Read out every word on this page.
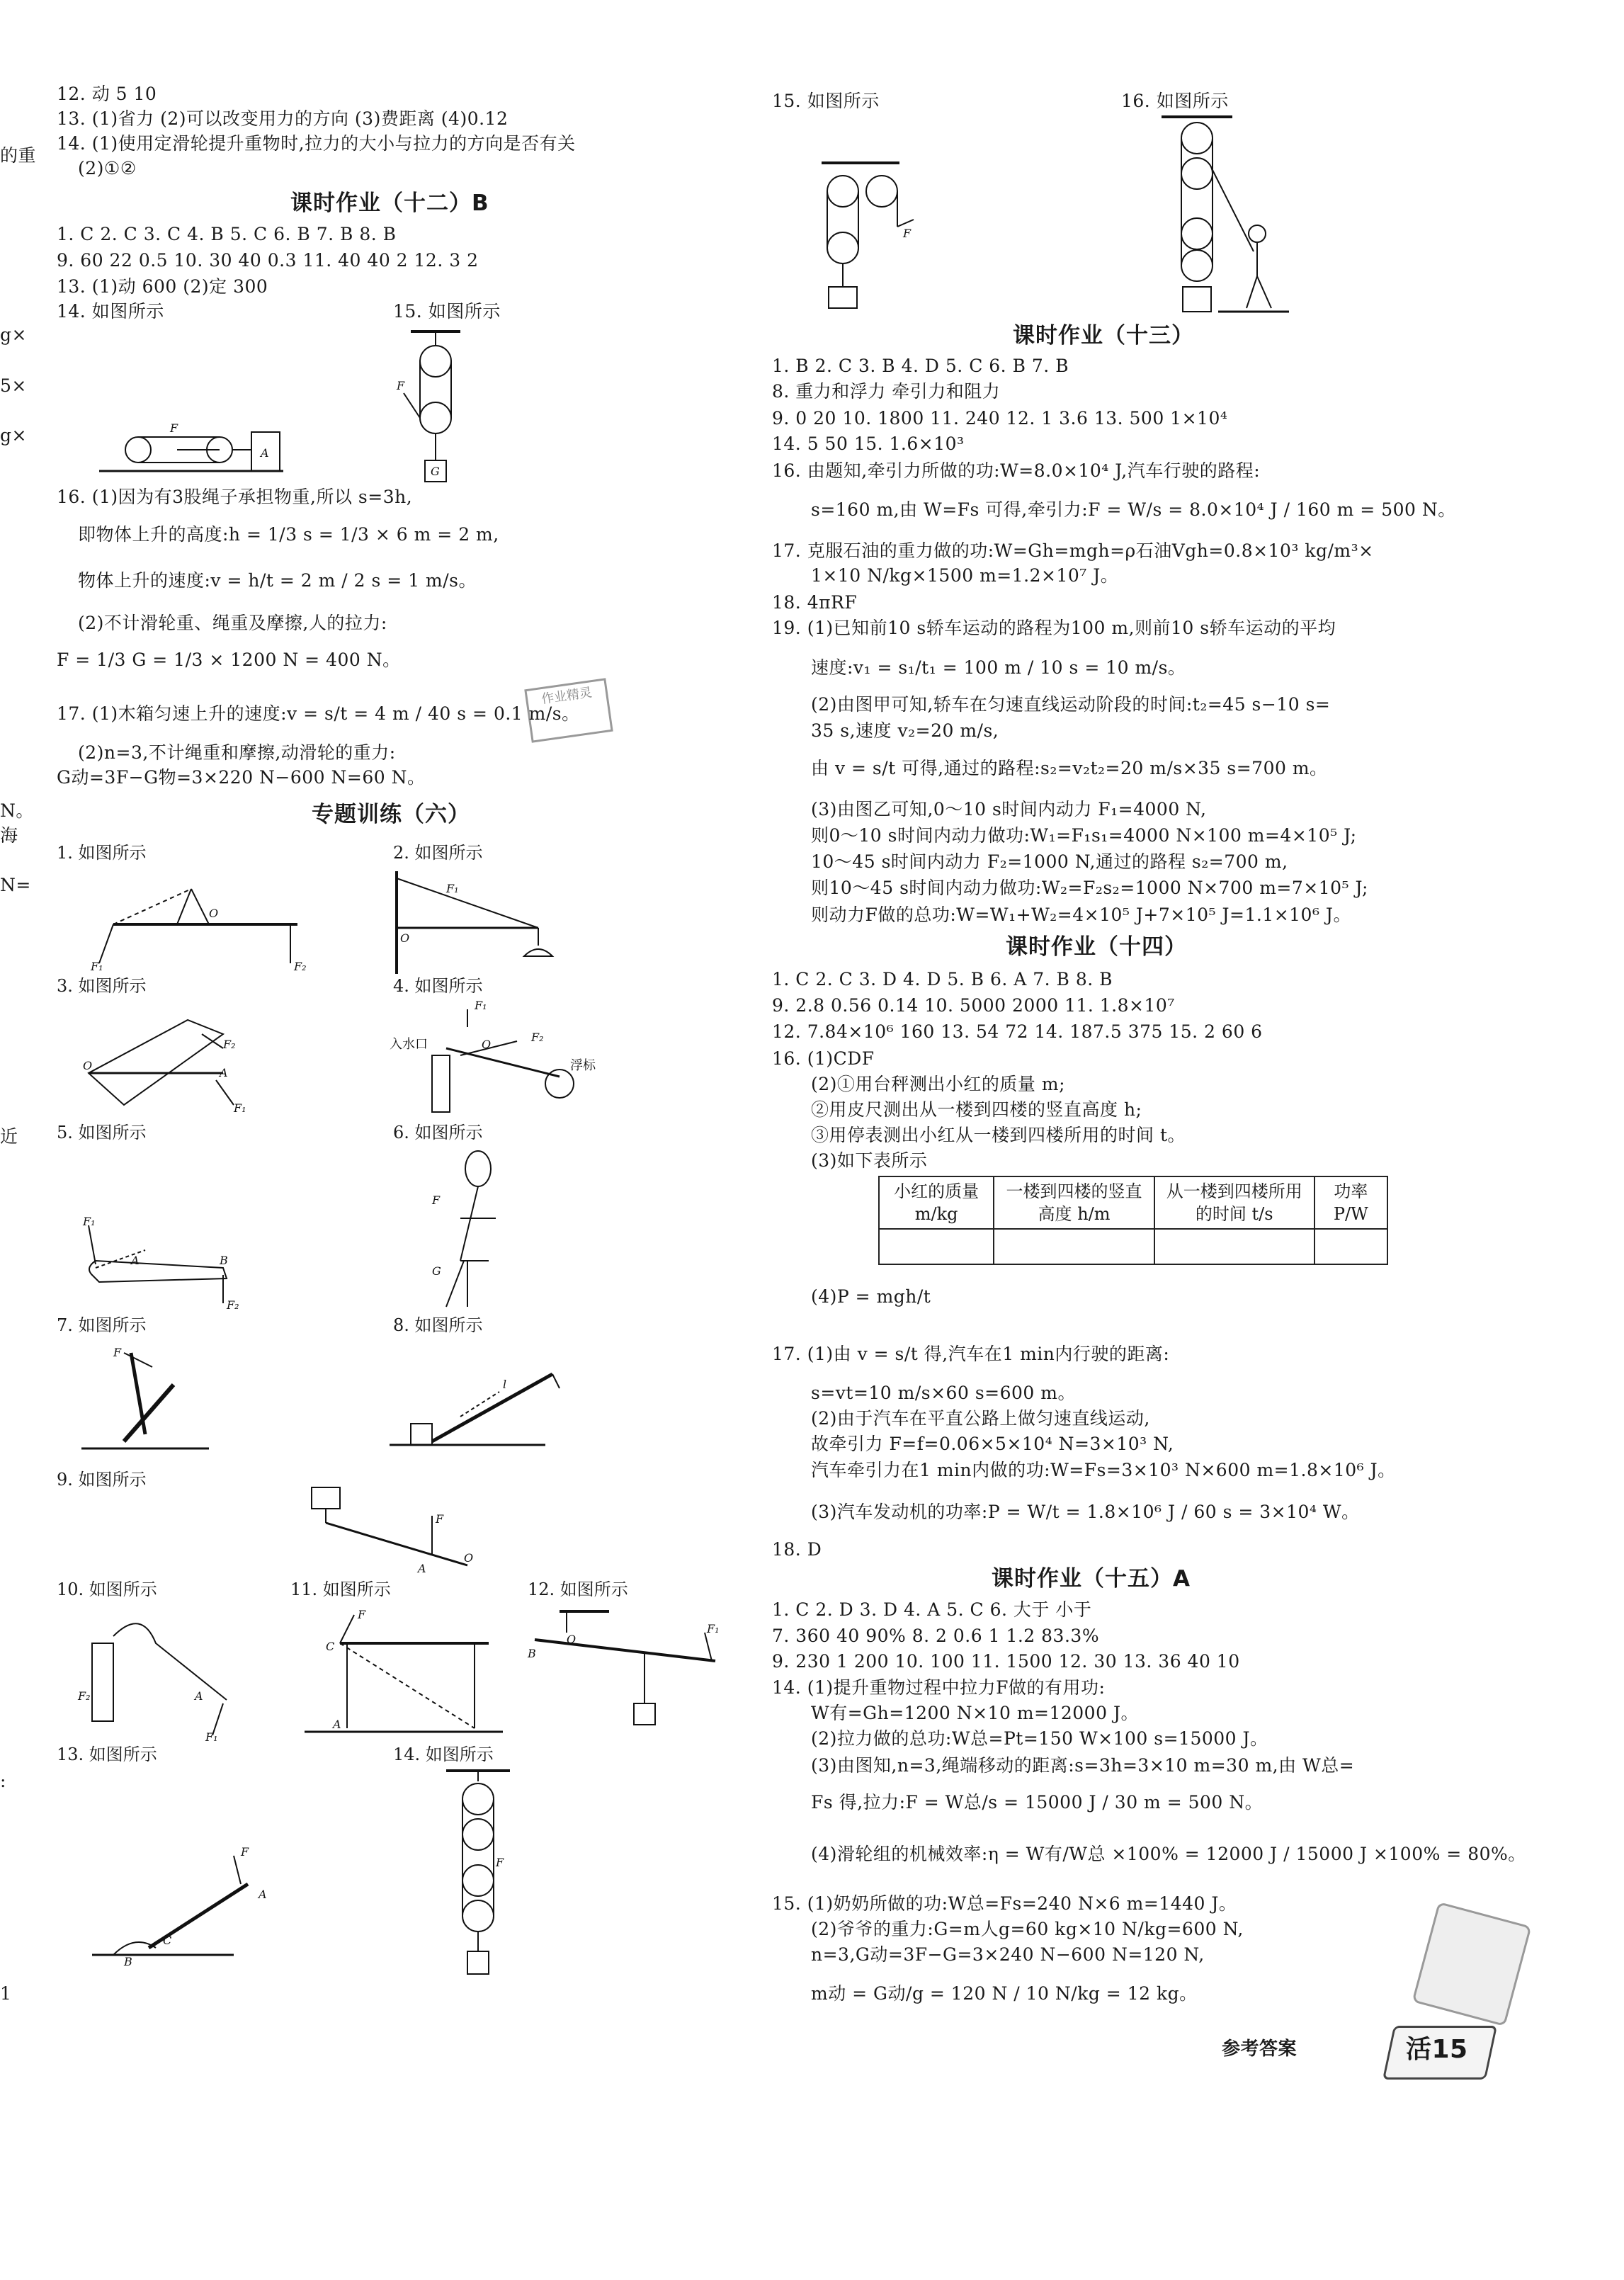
12. 动 5 10
13. (1)省力 (2)可以改变用力的方向 (3)费距离 (4)0.12
14. (1)使用定滑轮提升重物时,拉力的大小与拉力的方向是否有关
(2)①②
课时作业（十二）B
1. C 2. C 3. C 4. B 5. C 6. B 7. B 8. B
9. 60 22 0.5 10. 30 40 0.3 11. 40 40 2 12. 3 2
13. (1)动 600 (2)定 300
14. 如图所示	15. 如图所示
F
A
F
G
作业精灵
16. (1)因为有3股绳子承担物重,所以 s=3h,
即物体上升的高度:h = 1/3 s = 1/3 × 6 m = 2 m,
物体上升的速度:v = h/t = 2 m / 2 s = 1 m/s。
(2)不计滑轮重、绳重及摩擦,人的拉力:
F = 1/3 G = 1/3 × 1200 N = 400 N。
17. (1)木箱匀速上升的速度:v = s/t = 4 m / 40 s = 0.1 m/s。
(2)n=3,不计绳重和摩擦,动滑轮的重力:
G动=3F−G物=3×220 N−600 N=60 N。
专题训练（六）
1. 如图所示	2. 如图所示
3. 如图所示	4. 如图所示
5. 如图所示	6. 如图所示
7. 如图所示	8. 如图所示
9. 如图所示
10. 如图所示	11. 如图所示	12. 如图所示
13. 如图所示	14. 如图所示
O
F₁	F₂
O
F₁
O
F₂
F₁
A
入水口
浮标
F₁
O
F₂
F₁
B
A
F₂
F
G
F
l
F
A
O
F₂
F₁
A
C
F
A
B
O
F₁
F
A
C
B
F
的重
g×
5×
g×
N。
海
N=
近
:
1
15. 如图所示	16. 如图所示
F
课时作业（十三）
1. B 2. C 3. B 4. D 5. C 6. B 7. B
8. 重力和浮力 牵引力和阻力
9. 0 20 10. 1800 11. 240 12. 1 3.6 13. 500 1×10⁴
14. 5 50 15. 1.6×10³
16. 由题知,牵引力所做的功:W=8.0×10⁴ J,汽车行驶的路程:
s=160 m,由 W=Fs 可得,牵引力:F = W/s = 8.0×10⁴ J / 160 m = 500 N。
17. 克服石油的重力做的功:W=Gh=mgh=ρ石油Vgh=0.8×10³ kg/m³×
1×10 N/kg×1500 m=1.2×10⁷ J。
18. 4πRF
19. (1)已知前10 s轿车运动的路程为100 m,则前10 s轿车运动的平均
速度:v₁ = s₁/t₁ = 100 m / 10 s = 10 m/s。
(2)由图甲可知,轿车在匀速直线运动阶段的时间:t₂=45 s−10 s=
35 s,速度 v₂=20 m/s,
由 v = s/t 可得,通过的路程:s₂=v₂t₂=20 m/s×35 s=700 m。
(3)由图乙可知,0～10 s时间内动力 F₁=4000 N,
则0～10 s时间内动力做功:W₁=F₁s₁=4000 N×100 m=4×10⁵ J;
10～45 s时间内动力 F₂=1000 N,通过的路程 s₂=700 m,
则10～45 s时间内动力做功:W₂=F₂s₂=1000 N×700 m=7×10⁵ J;
则动力F做的总功:W=W₁+W₂=4×10⁵ J+7×10⁵ J=1.1×10⁶ J。
课时作业（十四）
1. C 2. C 3. D 4. D 5. B 6. A 7. B 8. B
9. 2.8 0.56 0.14 10. 5000 2000 11. 1.8×10⁷
12. 7.84×10⁶ 160 13. 54 72 14. 187.5 375 15. 2 60 6
16. (1)CDF
(2)①用台秤测出小红的质量 m;
②用皮尺测出从一楼到四楼的竖直高度 h;
③用停表测出小红从一楼到四楼所用的时间 t。
(3)如下表所示
小红的质量 m/kg	一楼到四楼的竖直高度 h/m	从一楼到四楼所用的时间 t/s	功率 P/W

(4)P = mgh/t
17. (1)由 v = s/t 得,汽车在1 min内行驶的距离:
s=vt=10 m/s×60 s=600 m。
(2)由于汽车在平直公路上做匀速直线运动,
故牵引力 F=f=0.06×5×10⁴ N=3×10³ N,
汽车牵引力在1 min内做的功:W=Fs=3×10³ N×600 m=1.8×10⁶ J。
(3)汽车发动机的功率:P = W/t = 1.8×10⁶ J / 60 s = 3×10⁴ W。
18. D
课时作业（十五）A
1. C 2. D 3. D 4. A 5. C 6. 大于 小于
7. 360 40 90% 8. 2 0.6 1 1.2 83.3%
9. 230 1 200 10. 100 11. 1500 12. 30 13. 36 40 10
14. (1)提升重物过程中拉力F做的有用功:
W有=Gh=1200 N×10 m=12000 J。
(2)拉力做的总功:W总=Pt=150 W×100 s=15000 J。
(3)由图知,n=3,绳端移动的距离:s=3h=3×10 m=30 m,由 W总=
Fs 得,拉力:F = W总/s = 15000 J / 30 m = 500 N。
(4)滑轮组的机械效率:η = W有/W总 ×100% = 12000 J / 15000 J ×100% = 80%。
15. (1)奶奶所做的功:W总=Fs=240 N×6 m=1440 J。
(2)爷爷的重力:G=m人g=60 kg×10 N/kg=600 N,
n=3,G动=3F−G=3×240 N−600 N=120 N,
m动 = G动/g = 120 N / 10 N/kg = 12 kg。
参考答案	活15
